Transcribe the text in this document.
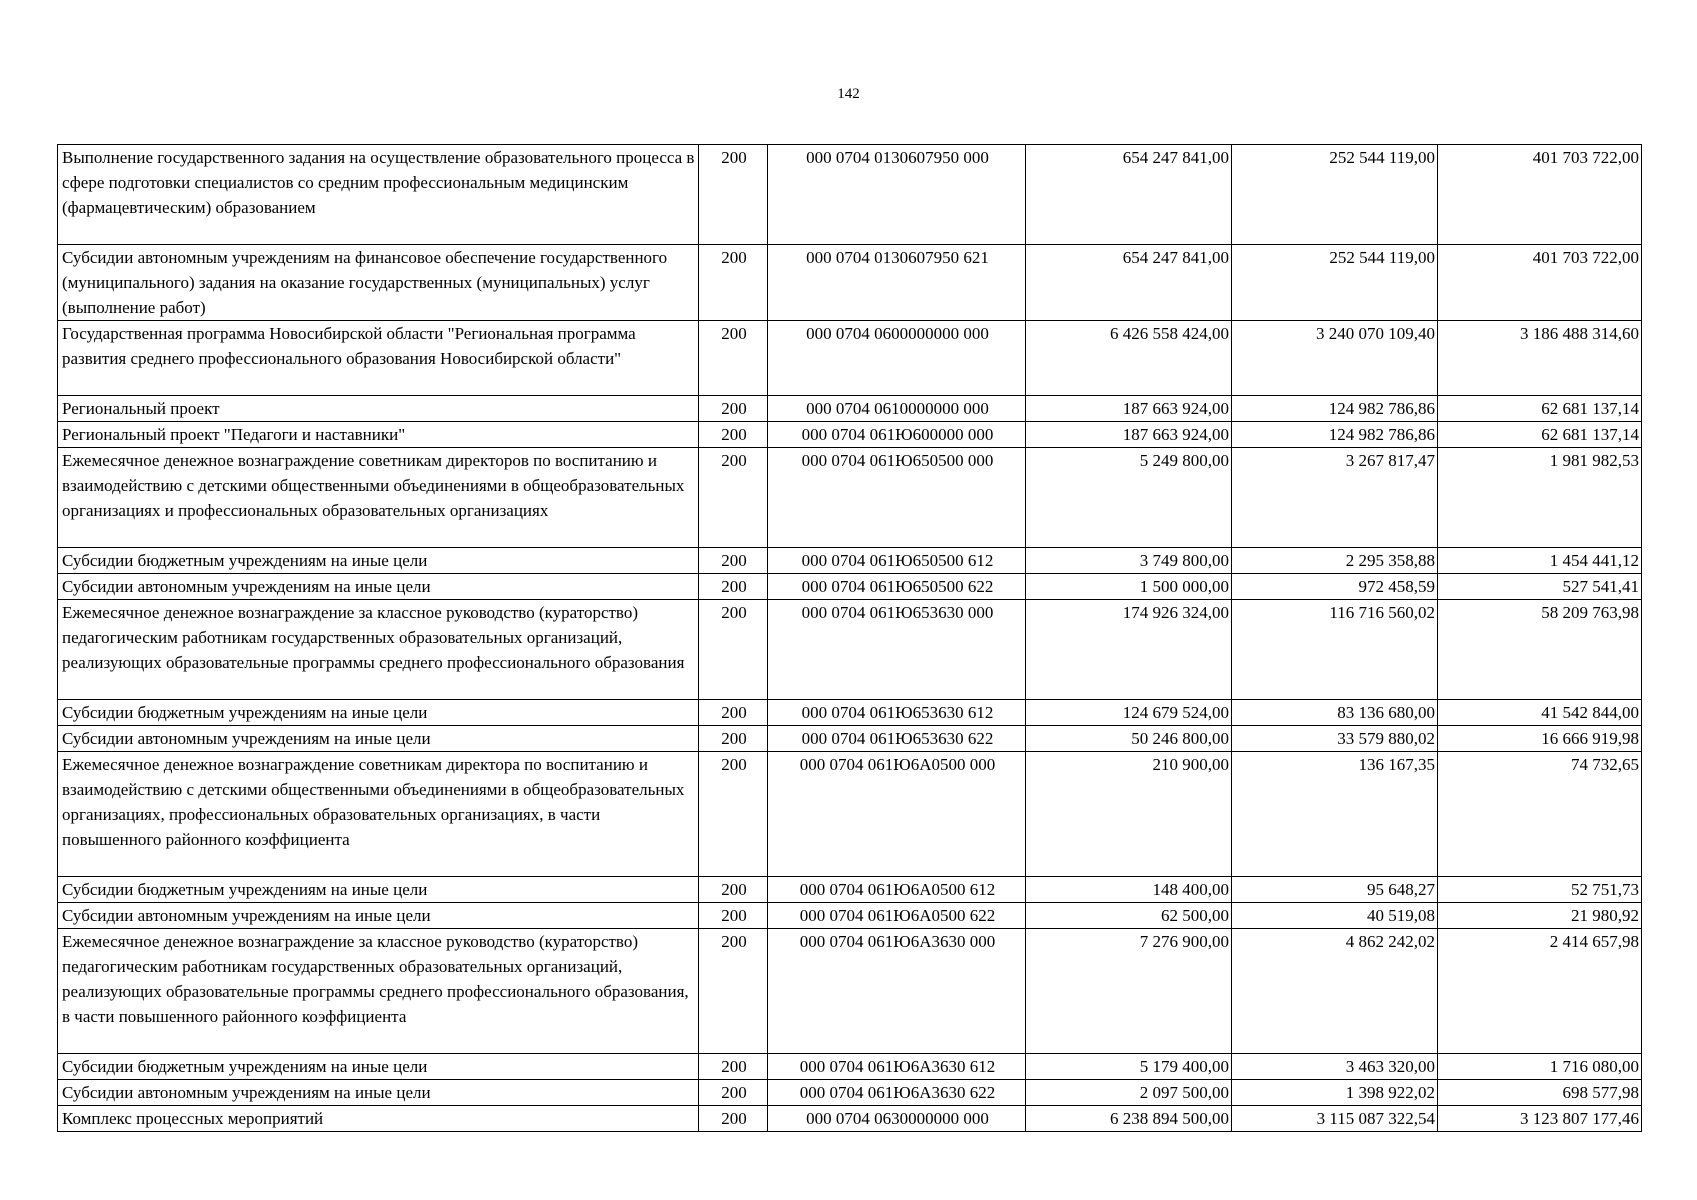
142
Выполнение государственного задания на осуществление образовательного процесса в сфере подготовки специалистов со средним профессиональным медицинским (фармацевтическим) образованием	200	000 0704 0130607950 000	654 247 841,00	252 544 119,00	401 703 722,00
Субсидии автономным учреждениям на финансовое обеспечение государственного (муниципального) задания на оказание государственных (муниципальных) услуг (выполнение работ)	200	000 0704 0130607950 621	654 247 841,00	252 544 119,00	401 703 722,00
Государственная программа Новосибирской области "Региональная программа развития среднего профессионального образования Новосибирской области"	200	000 0704 0600000000 000	6 426 558 424,00	3 240 070 109,40	3 186 488 314,60
Региональный проект	200	000 0704 0610000000 000	187 663 924,00	124 982 786,86	62 681 137,14
Региональный проект "Педагоги и наставники"	200	000 0704 061Ю600000 000	187 663 924,00	124 982 786,86	62 681 137,14
Ежемесячное денежное вознаграждение советникам директоров по воспитанию и взаимодействию с детскими общественными объединениями в общеобразовательных организациях и профессиональных образовательных организациях	200	000 0704 061Ю650500 000	5 249 800,00	3 267 817,47	1 981 982,53
Субсидии бюджетным учреждениям на иные цели	200	000 0704 061Ю650500 612	3 749 800,00	2 295 358,88	1 454 441,12
Субсидии автономным учреждениям на иные цели	200	000 0704 061Ю650500 622	1 500 000,00	972 458,59	527 541,41
Ежемесячное денежное вознаграждение за классное руководство (кураторство) педагогическим работникам государственных образовательных организаций, реализующих образовательные программы среднего профессионального образования	200	000 0704 061Ю653630 000	174 926 324,00	116 716 560,02	58 209 763,98
Субсидии бюджетным учреждениям на иные цели	200	000 0704 061Ю653630 612	124 679 524,00	83 136 680,00	41 542 844,00
Субсидии автономным учреждениям на иные цели	200	000 0704 061Ю653630 622	50 246 800,00	33 579 880,02	16 666 919,98
Ежемесячное денежное вознаграждение советникам директора по воспитанию и взаимодействию с детскими общественными объединениями в общеобразовательных организациях, профессиональных образовательных организациях, в части повышенного районного коэффициента	200	000 0704 061Ю6А0500 000	210 900,00	136 167,35	74 732,65
Субсидии бюджетным учреждениям на иные цели	200	000 0704 061Ю6А0500 612	148 400,00	95 648,27	52 751,73
Субсидии автономным учреждениям на иные цели	200	000 0704 061Ю6А0500 622	62 500,00	40 519,08	21 980,92
Ежемесячное денежное вознаграждение за классное руководство (кураторство) педагогическим работникам государственных образовательных организаций, реализующих образовательные программы среднего профессионального образования, в части повышенного районного коэффициента	200	000 0704 061Ю6А3630 000	7 276 900,00	4 862 242,02	2 414 657,98
Субсидии бюджетным учреждениям на иные цели	200	000 0704 061Ю6А3630 612	5 179 400,00	3 463 320,00	1 716 080,00
Субсидии автономным учреждениям на иные цели	200	000 0704 061Ю6А3630 622	2 097 500,00	1 398 922,02	698 577,98
Комплекс процессных мероприятий	200	000 0704 0630000000 000	6 238 894 500,00	3 115 087 322,54	3 123 807 177,46
